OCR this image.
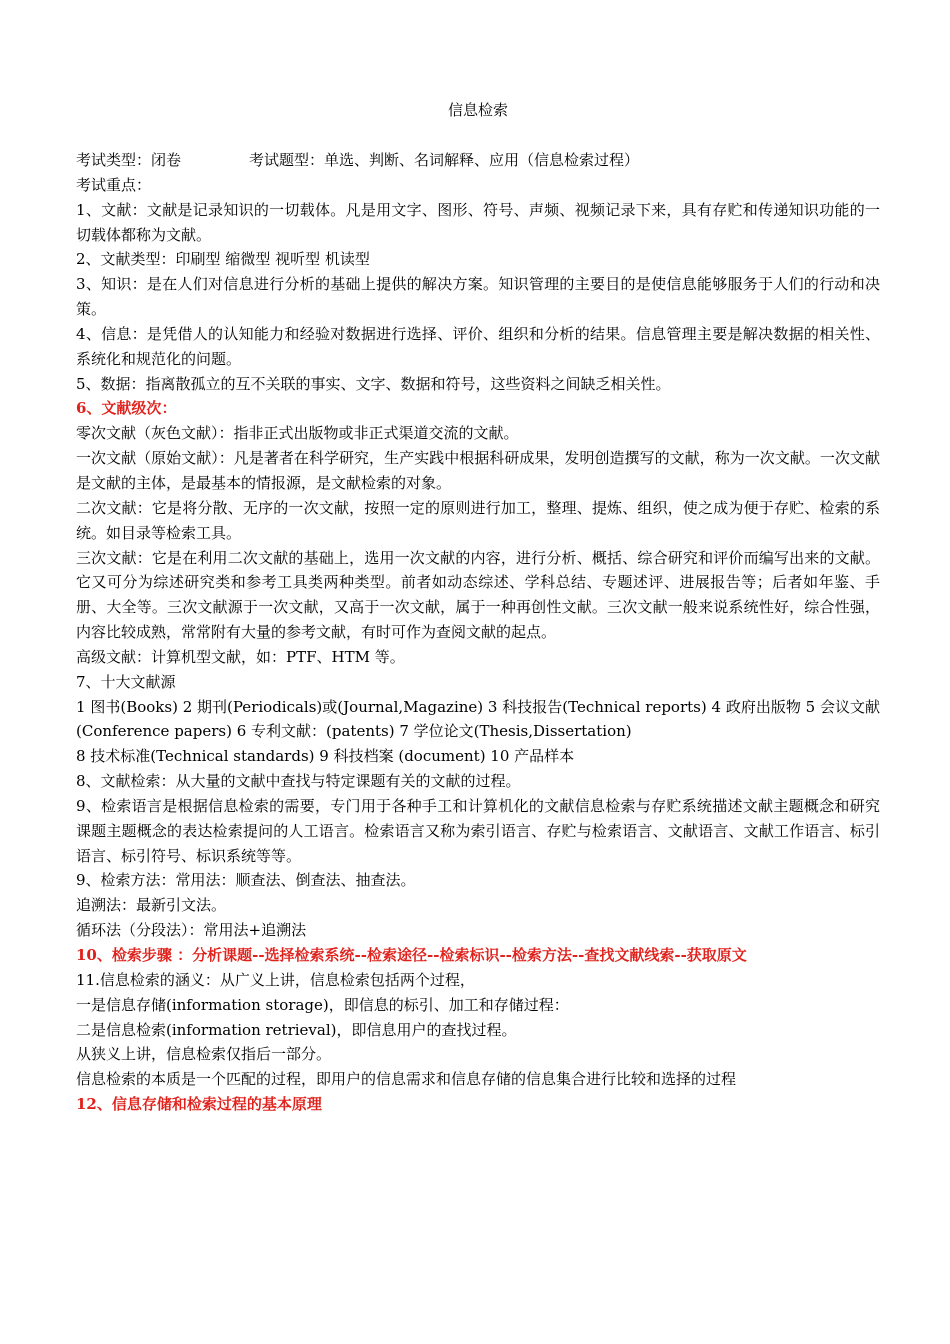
信息检索

考试类型：闭卷	考试题型：单选、判断、名词解释、应用（信息检索过程）

考试重点：

1、文献：文献是记录知识的一切载体。凡是用文字、图形、符号、声频、视频记录下来，具有存贮和传递知识功能的一切载体都称为文献。

2、文献类型：印刷型 缩微型 视听型 机读型

3、知识：是在人们对信息进行分析的基础上提供的解决方案。知识管理的主要目的是使信息能够服务于人们的行动和决策。

4、信息：是凭借人的认知能力和经验对数据进行选择、评价、组织和分析的结果。信息管理主要是解决数据的相关性、系统化和规范化的问题。

5、数据：指离散孤立的互不关联的事实、文字、数据和符号，这些资料之间缺乏相关性。

6、文献级次：

零次文献（灰色文献）：指非正式出版物或非正式渠道交流的文献。

一次文献（原始文献）：凡是著者在科学研究，生产实践中根据科研成果，发明创造撰写的文献，称为一次文献。一次文献是文献的主体，是最基本的情报源，是文献检索的对象。

二次文献：它是将分散、无序的一次文献，按照一定的原则进行加工，整理、提炼、组织，使之成为便于存贮、检索的系统。如目录等检索工具。

三次文献：它是在利用二次文献的基础上，选用一次文献的内容，进行分析、概括、综合研究和评价而编写出来的文献。它又可分为综述研究类和参考工具类两种类型。前者如动态综述、学科总结、专题述评、进展报告等；后者如年鉴、手册、大全等。三次文献源于一次文献，又高于一次文献，属于一种再创性文献。三次文献一般来说系统性好，综合性强，内容比较成熟，常常附有大量的参考文献，有时可作为查阅文献的起点。

高级文献：计算机型文献，如：PTF、HTM 等。

7、十大文献源

1 图书(Books) 2 期刊(Periodicals)或(Journal,Magazine) 3 科技报告(Technical reports) 4 政府出版物 5 会议文献(Conference papers) 6 专利文献：(patents) 7 学位论文(Thesis,Dissertation)

8 技术标准(Technical standards) 9 科技档案 (document) 10 产品样本

8、文献检索：从大量的文献中查找与特定课题有关的文献的过程。

9、检索语言是根据信息检索的需要，专门用于各种手工和计算机化的文献信息检索与存贮系统描述文献主题概念和研究课题主题概念的表达检索提问的人工语言。检索语言又称为索引语言、存贮与检索语言、文献语言、文献工作语言、标引语言、标引符号、标识系统等等。

9、检索方法：常用法：顺查法、倒查法、抽查法。

追溯法：最新引文法。

循环法（分段法）：常用法+追溯法

10、检索步骤 ：分析课题--选择检索系统--检索途径--检索标识--检索方法--查找文献线索--获取原文

11.信息检索的涵义：从广义上讲，信息检索包括两个过程，

一是信息存储(information storage)，即信息的标引、加工和存储过程：

二是信息检索(information retrieval)，即信息用户的查找过程。

从狭义上讲，信息检索仅指后一部分。

信息检索的本质是一个匹配的过程，即用户的信息需求和信息存储的信息集合进行比较和选择的过程

12、信息存储和检索过程的基本原理
